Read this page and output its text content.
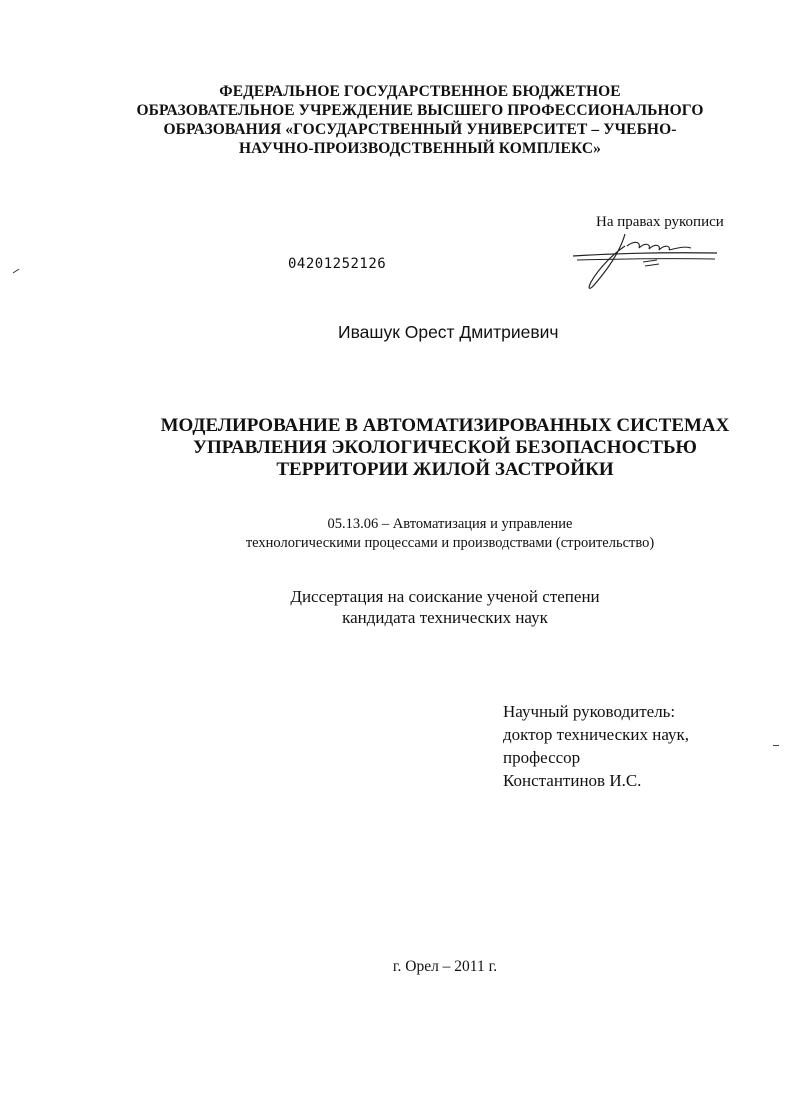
ФЕДЕРАЛЬНОЕ ГОСУДАРСТВЕННОЕ БЮДЖЕТНОЕ
ОБРАЗОВАТЕЛЬНОЕ УЧРЕЖДЕНИЕ ВЫСШЕГО ПРОФЕССИОНАЛЬНОГО
ОБРАЗОВАНИЯ «ГОСУДАРСТВЕННЫЙ УНИВЕРСИТЕТ – УЧЕБНО-
НАУЧНО-ПРОИЗВОДСТВЕННЫЙ КОМПЛЕКС»
На правах рукописи
04201252126
Ивашук Орест Дмитриевич
МОДЕЛИРОВАНИЕ В АВТОМАТИЗИРОВАННЫХ СИСТЕМАХ
УПРАВЛЕНИЯ ЭКОЛОГИЧЕСКОЙ БЕЗОПАСНОСТЬЮ
ТЕРРИТОРИИ ЖИЛОЙ ЗАСТРОЙКИ
05.13.06 – Автоматизация и управление
технологическими процессами и производствами (строительство)
Диссертация на соискание ученой степени
кандидата технических наук
Научный руководитель:
доктор технических наук,
профессор
Константинов И.С.
г. Орел – 2011 г.
